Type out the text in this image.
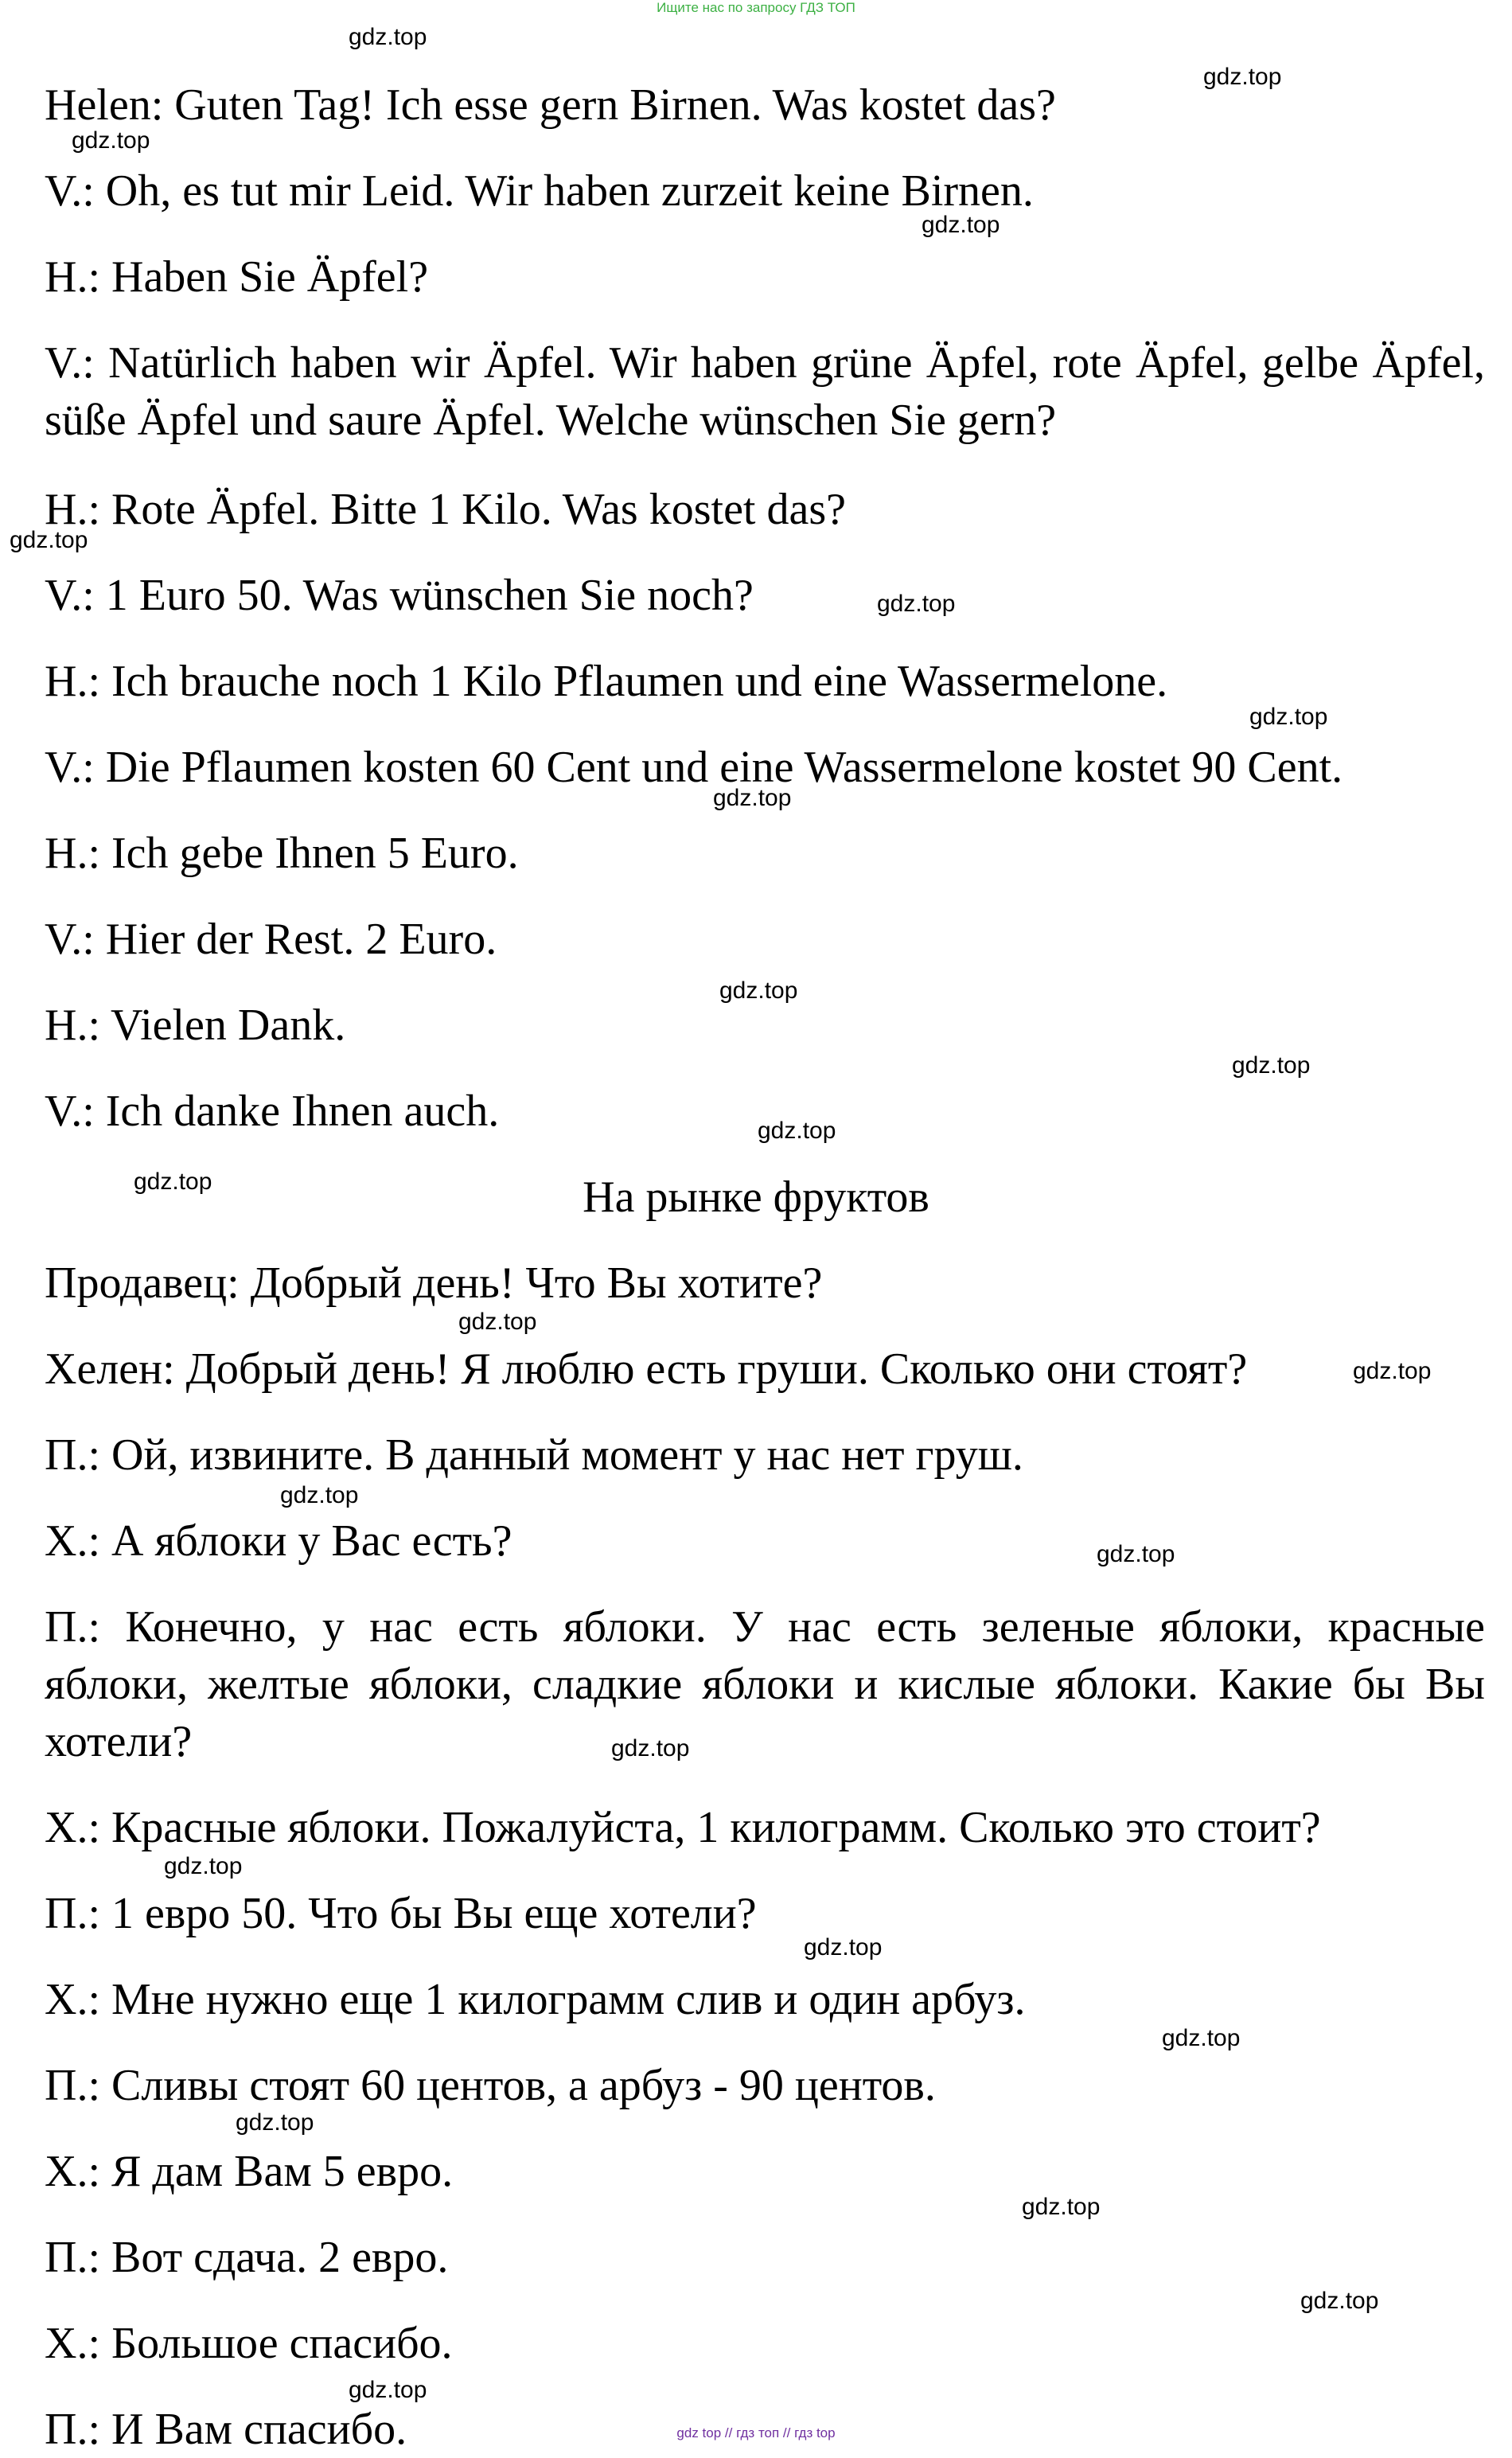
Ищите нас по запросу ГДЗ ТОП
Helen: Guten Tag! Ich esse gern Birnen. Was kostet das?
V.: Oh, es tut mir Leid. Wir haben zurzeit keine Birnen.
H.: Haben Sie Äpfel?
V.: Natürlich haben wir Äpfel. Wir haben grüne Äpfel, rote Äpfel, gelbe Äpfel, süße Äpfel und saure Äpfel. Welche wünschen Sie gern?
H.: Rote Äpfel. Bitte 1 Kilo. Was kostet das?
V.: 1 Euro 50. Was wünschen Sie noch?
H.: Ich brauche noch 1 Kilo Pflaumen und eine Wassermelone.
V.: Die Pflaumen kosten 60 Cent und eine Wassermelone kostet 90 Cent.
H.: Ich gebe Ihnen 5 Euro.
V.: Hier der Rest. 2 Euro.
H.: Vielen Dank.
V.: Ich danke Ihnen auch.
На рынке фруктов
Продавец: Добрый день! Что Вы хотите?
Хелен: Добрый день! Я люблю есть груши. Сколько они стоят?
П.: Ой, извините. В данный момент у нас нет груш.
Х.: А яблоки у Вас есть?
П.: Конечно, у нас есть яблоки. У нас есть зеленые яблоки, красные яблоки, желтые яблоки, сладкие яблоки и кислые яблоки. Какие бы Вы хотели?
Х.: Красные яблоки. Пожалуйста, 1 килограмм. Сколько это стоит?
П.: 1 евро 50. Что бы Вы еще хотели?
Х.: Мне нужно еще 1 килограмм слив и один арбуз.
П.: Сливы стоят 60 центов, а арбуз - 90 центов.
Х.: Я дам Вам 5 евро.
П.: Вот сдача. 2 евро.
Х.: Большое спасибо.
П.: И Вам спасибо.
gdz.top
gdz.top
gdz.top
gdz.top
gdz.top
gdz.top
gdz.top
gdz.top
gdz.top
gdz.top
gdz.top
gdz.top
gdz.top
gdz.top
gdz.top
gdz.top
gdz.top
gdz.top
gdz.top
gdz.top
gdz.top
gdz.top
gdz.top
gdz.top
gdz top // гдз топ // гдз top
